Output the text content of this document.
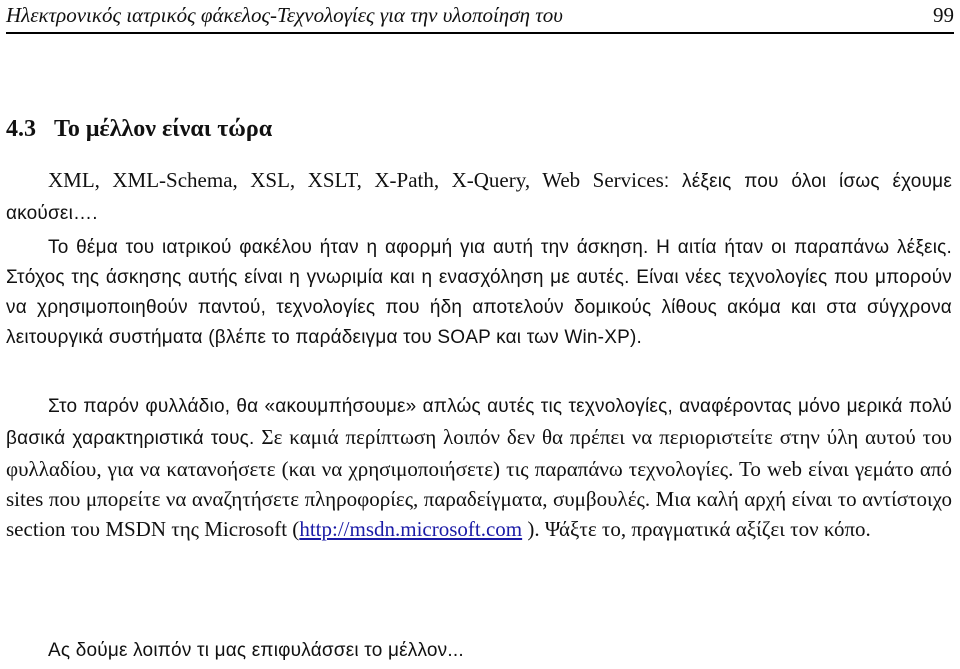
Ηλεκτρονικός ιατρικός φάκελος-Τεχνολογίες για την υλοποίηση του	99
4.3 Το μέλλον είναι τώρα

XML, XML-Schema, XSL, XSLT, X-Path, X-Query, Web Services: λέξεις που όλοι ίσως έχουμε ακούσει….

Το θέμα του ιατρικού φακέλου ήταν η αφορμή για αυτή την άσκηση. Η αιτία ήταν οι παραπάνω λέξεις. Στόχος της άσκησης αυτής είναι η γνωριμία και η ενασχόληση με αυτές. Είναι νέες τεχνολογίες που μπορούν να χρησιμοποιηθούν παντού, τεχνολογίες που ήδη αποτελούν δομικούς λίθους ακόμα και στα σύγχρονα λειτουργικά συστήματα (βλέπε το παράδειγμα του SOAP και των Win-XP).

Στο παρόν φυλλάδιο, θα «ακουμπήσουμε» απλώς αυτές τις τεχνολογίες, αναφέροντας μόνο μερικά πολύ βασικά χαρακτηριστικά τους. Σε καμιά περίπτωση λοιπόν δεν θα πρέπει να περιοριστείτε στην ύλη αυτού του φυλλαδίου, για να κατανοήσετε (και να χρησιμοποιήσετε) τις παραπάνω τεχνολογίες. Το web είναι γεμάτο από sites που μπορείτε να αναζητήσετε πληροφορίες, παραδείγματα, συμβουλές. Μια καλή αρχή είναι το αντίστοιχο section του MSDN της Microsoft (http://msdn.microsoft.com ). Ψάξτε το, πραγματικά αξίζει τον κόπο.

Ας δούμε λοιπόν τι μας επιφυλάσσει το μέλλον...
